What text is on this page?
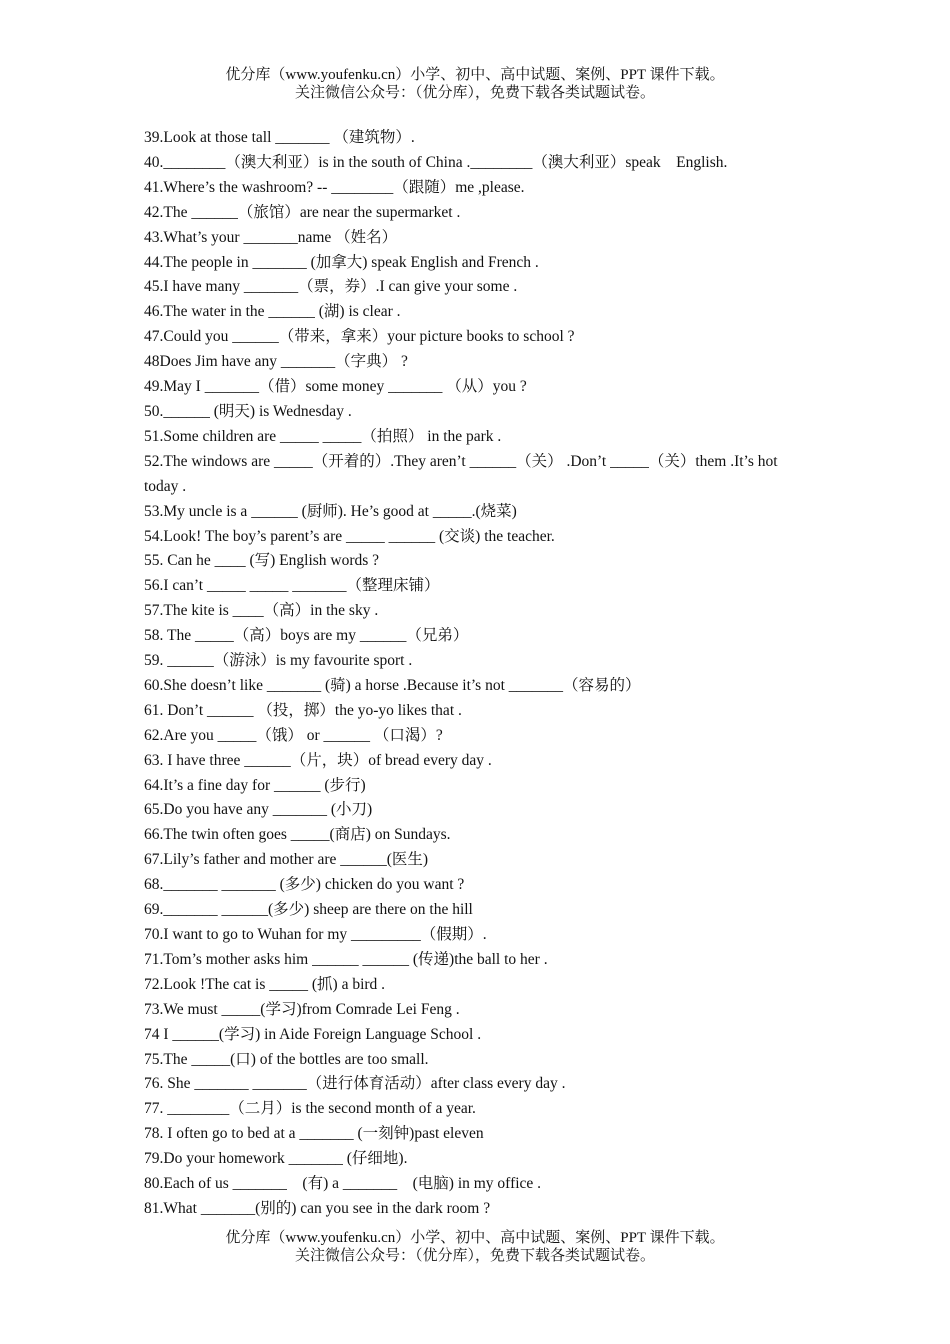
优分库（www.youfenku.cn）小学、初中、高中试题、案例、PPT 课件下载。
关注微信公众号：（优分库），免费下载各类试题试卷。
39.Look at those tall _______ （建筑物）.
40.________（澳大利亚）is in the south of China .________（澳大利亚）speak    English.
41.Where’s the washroom? -- ________（跟随）me ,please.
42.The ______（旅馆）are near the supermarket .
43.What’s your _______name （姓名）
44.The people in _______ (加拿大) speak English and French .
45.I have many _______（票，券）.I can give your some .
46.The water in the ______ (湖) is clear .
47.Could you ______（带来，拿来）your picture books to school ?
48Does Jim have any _______（字典） ?
49.May I _______（借）some money _______ （从）you ?
50.______ (明天) is Wednesday .
51.Some children are _____ _____（拍照） in the park .
52.The windows are _____（开着的）.They aren’t ______（关） .Don’t _____（关）them .It’s hot today .
53.My uncle is a ______ (厨师). He’s good at _____.(烧菜)
54.Look! The boy’s parent’s are _____ ______ (交谈) the teacher.
55. Can he ____ (写) English words ?
56.I can’t _____ _____ _______（整理床铺）
57.The kite is ____（高）in the sky .
58. The _____（高）boys are my ______（兄弟）
59. ______（游泳）is my favourite sport .
60.She doesn’t like _______ (骑) a horse .Because it’s not _______（容易的）
61. Don’t ______ （投，掷）the yo-yo likes that .
62.Are you _____（饿） or ______ （口渴）?
63. I have three ______（片，块）of bread every day .
64.It’s a fine day for ______ (步行)
65.Do you have any _______ (小刀)
66.The twin often goes _____(商店) on Sundays.
67.Lily’s father and mother are ______(医生)
68._______ _______ (多少) chicken do you want ?
69._______ ______(多少) sheep are there on the hill
70.I want to go to Wuhan for my _________（假期）.
71.Tom’s mother asks him ______ ______ (传递)the ball to her .
72.Look !The cat is _____ (抓) a bird .
73.We must _____(学习)from Comrade Lei Feng .
74 I ______(学习) in Aide Foreign Language School .
75.The _____(口) of the bottles are too small.
76. She _______ _______（进行体育活动）after class every day .
77. ________（二月）is the second month of a year.
78. I often go to bed at a _______ (一刻钟)past eleven
79.Do your homework _______ (仔细地).
80.Each of us _______    (有) a _______    (电脑) in my office .
81.What _______(别的) can you see in the dark room ?
优分库（www.youfenku.cn）小学、初中、高中试题、案例、PPT 课件下载。
关注微信公众号：（优分库），免费下载各类试题试卷。
